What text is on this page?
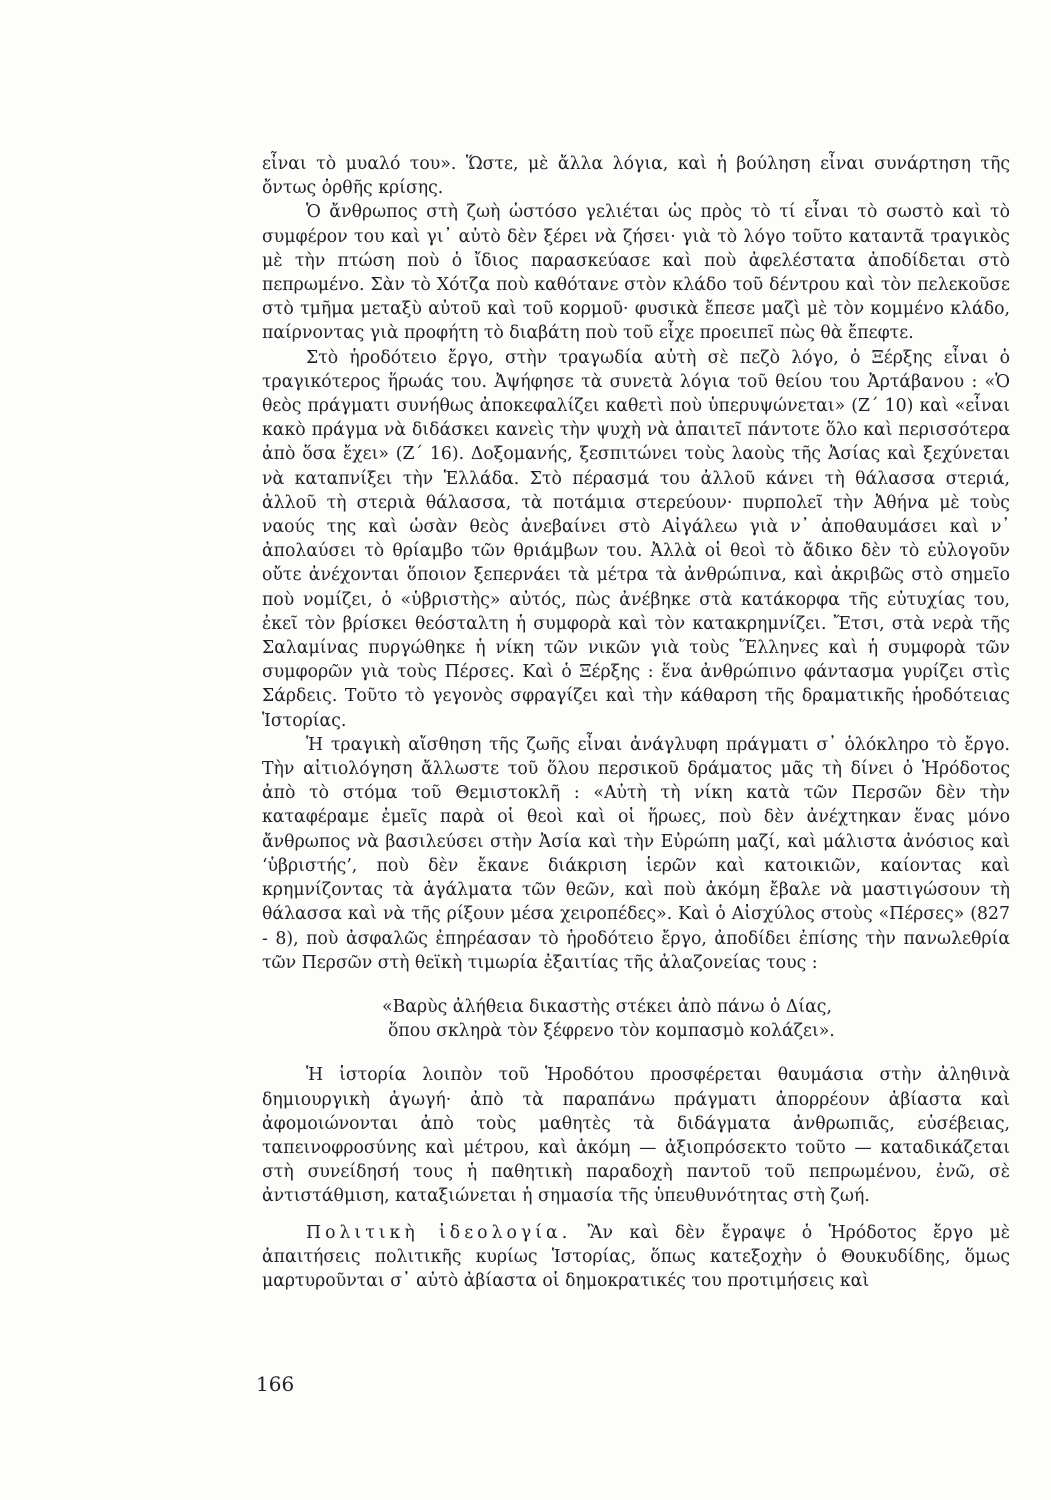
εἶναι τὸ μυαλό του». Ὥστε, μὲ ἄλλα λόγια, καὶ ἡ βούληση εἶναι συνάρτηση τῆς ὄντως ὀρθῆς κρίσης.

Ὁ ἄνθρωπος στὴ ζωὴ ὡστόσο γελιέται ὡς πρὸς τὸ τί εἶναι τὸ σωστὸ καὶ τὸ συμφέρον του καὶ γι᾽ αὐτὸ δὲν ξέρει νὰ ζήσει· γιὰ τὸ λόγο τοῦτο καταντᾶ τραγικὸς μὲ τὴν πτώση ποὺ ὁ ἴδιος παρασκεύασε καὶ ποὺ ἀφελέστατα ἀποδίδεται στὸ πεπρωμένο. Σὰν τὸ Χότζα ποὺ καθότανε στὸν κλάδο τοῦ δέντρου καὶ τὸν πελεκοῦσε στὸ τμῆμα μεταξὺ αὐτοῦ καὶ τοῦ κορμοῦ· φυσικὰ ἔπεσε μαζὶ μὲ τὸν κομμένο κλάδο, παίρνοντας γιὰ προφήτη τὸ διαβάτη ποὺ τοῦ εἶχε προειπεῖ πὼς θὰ ἔπεφτε.

Στὸ ἡροδότειο ἔργο, στὴν τραγωδία αὐτὴ σὲ πεζὸ λόγο, ὁ Ξέρξης εἶναι ὁ τραγικότερος ἥρωάς του. Ἀψήφησε τὰ συνετὰ λόγια τοῦ θείου του Ἀρτάβανου : «Ὁ θεὸς πράγματι συνήθως ἀποκεφαλίζει καθετὶ ποὺ ὑπερυψώνεται» (Ζ΄ 10) καὶ «εἶναι κακὸ πράγμα νὰ διδάσκει κανεὶς τὴν ψυχὴ νὰ ἀπαιτεῖ πάντοτε ὅλο καὶ περισσότερα ἀπὸ ὅσα ἔχει» (Ζ΄ 16). Δοξομανής, ξεσπιτώνει τοὺς λαοὺς τῆς Ἀσίας καὶ ξεχύνεται νὰ καταπνίξει τὴν Ἑλλάδα. Στὸ πέρασμά του ἀλλοῦ κάνει τὴ θάλασσα στεριά, ἀλλοῦ τὴ στεριὰ θάλασσα, τὰ ποτάμια στερεύουν· πυρπολεῖ τὴν Ἀθήνα μὲ τοὺς ναούς της καὶ ὡσὰν θεὸς ἀνεβαίνει στὸ Αἰγάλεω γιὰ ν᾽ ἀποθαυμάσει καὶ ν᾽ ἀπολαύσει τὸ θρίαμβο τῶν θριάμβων του. Ἀλλὰ οἱ θεοὶ τὸ ἄδικο δὲν τὸ εὐλογοῦν οὔτε ἀνέχονται ὅποιον ξεπερνάει τὰ μέτρα τὰ ἀνθρώπινα, καὶ ἀκριβῶς στὸ σημεῖο ποὺ νομίζει, ὁ «ὑβριστὴς» αὐτός, πὼς ἀνέβηκε στὰ κατάκορφα τῆς εὐτυχίας του, ἐκεῖ τὸν βρίσκει θεόσταλτη ἡ συμφορὰ καὶ τὸν κατακρημνίζει. Ἔτσι, στὰ νερὰ τῆς Σαλαμίνας πυργώθηκε ἡ νίκη τῶν νικῶν γιὰ τοὺς Ἕλληνες καὶ ἡ συμφορὰ τῶν συμφορῶν γιὰ τοὺς Πέρσες. Καὶ ὁ Ξέρξης : ἕνα ἀνθρώπινο φάντασμα γυρίζει στὶς Σάρδεις. Τοῦτο τὸ γεγονὸς σφραγίζει καὶ τὴν κάθαρση τῆς δραματικῆς ἡροδότειας Ἱστορίας.

Ἡ τραγικὴ αἴσθηση τῆς ζωῆς εἶναι ἀνάγλυφη πράγματι σ᾽ ὁλόκληρο τὸ ἔργο. Τὴν αἰτιολόγηση ἄλλωστε τοῦ ὅλου περσικοῦ δράματος μᾶς τὴ δίνει ὁ Ἡρόδοτος ἀπὸ τὸ στόμα τοῦ Θεμιστοκλῆ : «Αὐτὴ τὴ νίκη κατὰ τῶν Περσῶν δὲν τὴν καταφέραμε ἐμεῖς παρὰ οἱ θεοὶ καὶ οἱ ἥρωες, ποὺ δὲν ἀνέχτηκαν ἕνας μόνο ἄνθρωπος νὰ βασιλεύσει στὴν Ἀσία καὶ τὴν Εὐρώπη μαζί, καὶ μάλιστα ἀνόσιος καὶ ‘ὑβριστής’, ποὺ δὲν ἔκανε διάκριση ἱερῶν καὶ κατοικιῶν, καίοντας καὶ κρημνίζοντας τὰ ἀγάλματα τῶν θεῶν, καὶ ποὺ ἀκόμη ἔβαλε νὰ μαστιγώσουν τὴ θάλασσα καὶ νὰ τῆς ρίξουν μέσα χειροπέδες». Καὶ ὁ Αἰσχύλος στοὺς «Πέρσες» (827 - 8), ποὺ ἀσφαλῶς ἐπηρέασαν τὸ ἡροδότειο ἔργο, ἀποδίδει ἐπίσης τὴν πανωλεθρία τῶν Περσῶν στὴ θεϊκὴ τιμωρία ἐξαιτίας τῆς ἀλαζονείας τους :

«Βαρὺς ἀλήθεια δικαστὴς στέκει ἀπὸ πάνω ὁ Δίας,
ὅπου σκληρὰ τὸν ξέφρενο τὸν κομπασμὸ κολάζει».

Ἡ ἱστορία λοιπὸν τοῦ Ἡροδότου προσφέρεται θαυμάσια στὴν ἀληθινὰ δημιουργικὴ ἀγωγή· ἀπὸ τὰ παραπάνω πράγματι ἀπορρέουν ἀβίαστα καὶ ἀφομοιώνονται ἀπὸ τοὺς μαθητὲς τὰ διδάγματα ἀνθρωπιᾶς, εὐσέβειας, ταπεινοφροσύνης καὶ μέτρου, καὶ ἀκόμη — ἀξιοπρόσεκτο τοῦτο — καταδικάζεται στὴ συνείδησή τους ἡ παθητικὴ παραδοχὴ παντοῦ τοῦ πεπρωμένου, ἐνῶ, σὲ ἀντιστάθμιση, καταξιώνεται ἡ σημασία τῆς ὑπευθυνότητας στὴ ζωή.

Πολιτικὴ ἰδεολογία. Ἂν καὶ δὲν ἔγραψε ὁ Ἡρόδοτος ἔργο μὲ ἀπαιτήσεις πολιτικῆς κυρίως Ἱστορίας, ὅπως κατεξοχὴν ὁ Θουκυδίδης, ὅμως μαρτυροῦνται σ᾽ αὐτὸ ἀβίαστα οἱ δημοκρατικές του προτιμήσεις καὶ

166
